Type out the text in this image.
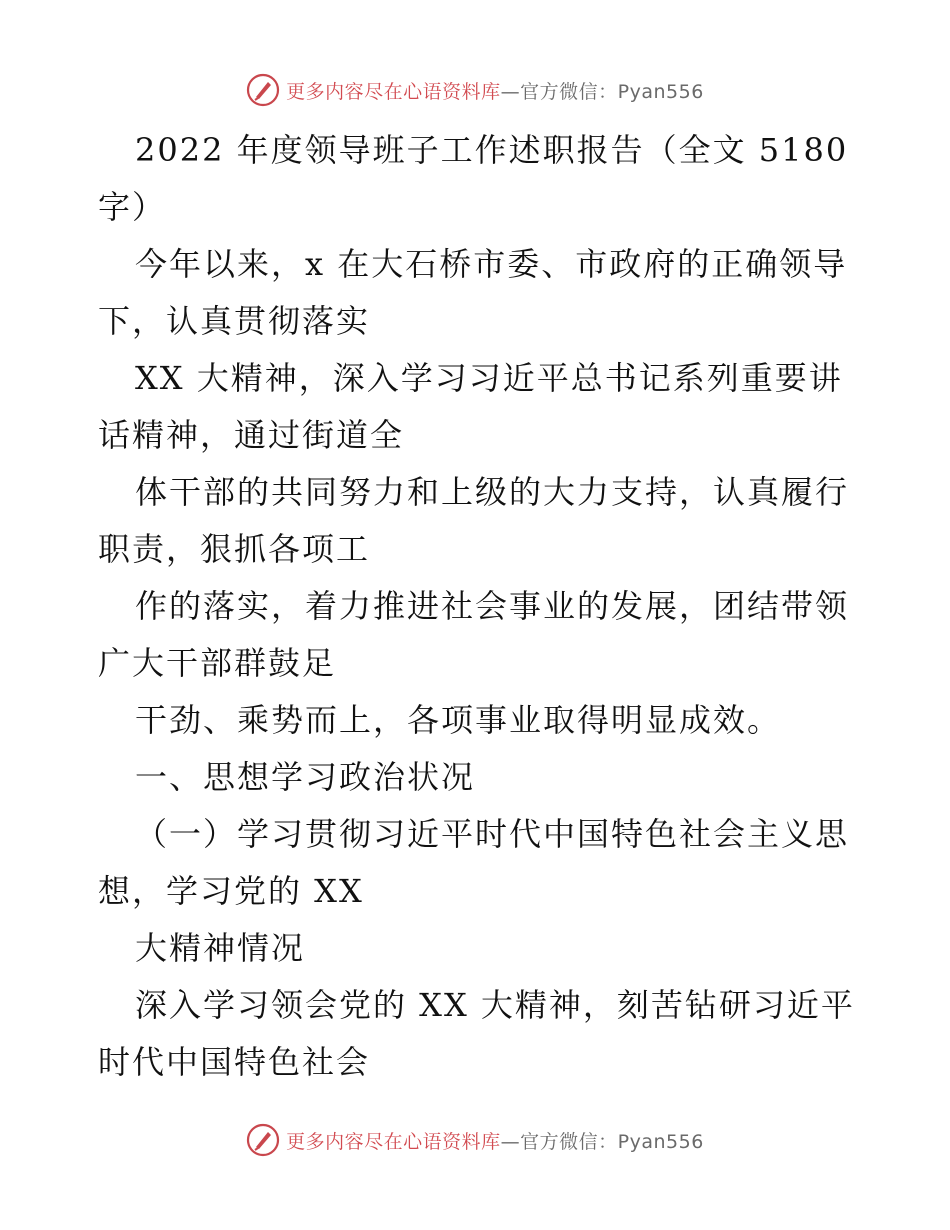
更多内容尽在心语资料库—官方微信：Pyan556
2022 年度领导班子工作述职报告（全文 5180
字）
今年以来，x 在大石桥市委、市政府的正确领导
下，认真贯彻落实
XX 大精神，深入学习习近平总书记系列重要讲
话精神，通过街道全
体干部的共同努力和上级的大力支持，认真履行
职责，狠抓各项工
作的落实，着力推进社会事业的发展，团结带领
广大干部群鼓足
干劲、乘势而上，各项事业取得明显成效。
一、思想学习政治状况
（一）学习贯彻习近平时代中国特色社会主义思
想，学习党的 XX
大精神情况
深入学习领会党的 XX 大精神，刻苦钻研习近平
时代中国特色社会
更多内容尽在心语资料库—官方微信：Pyan556
